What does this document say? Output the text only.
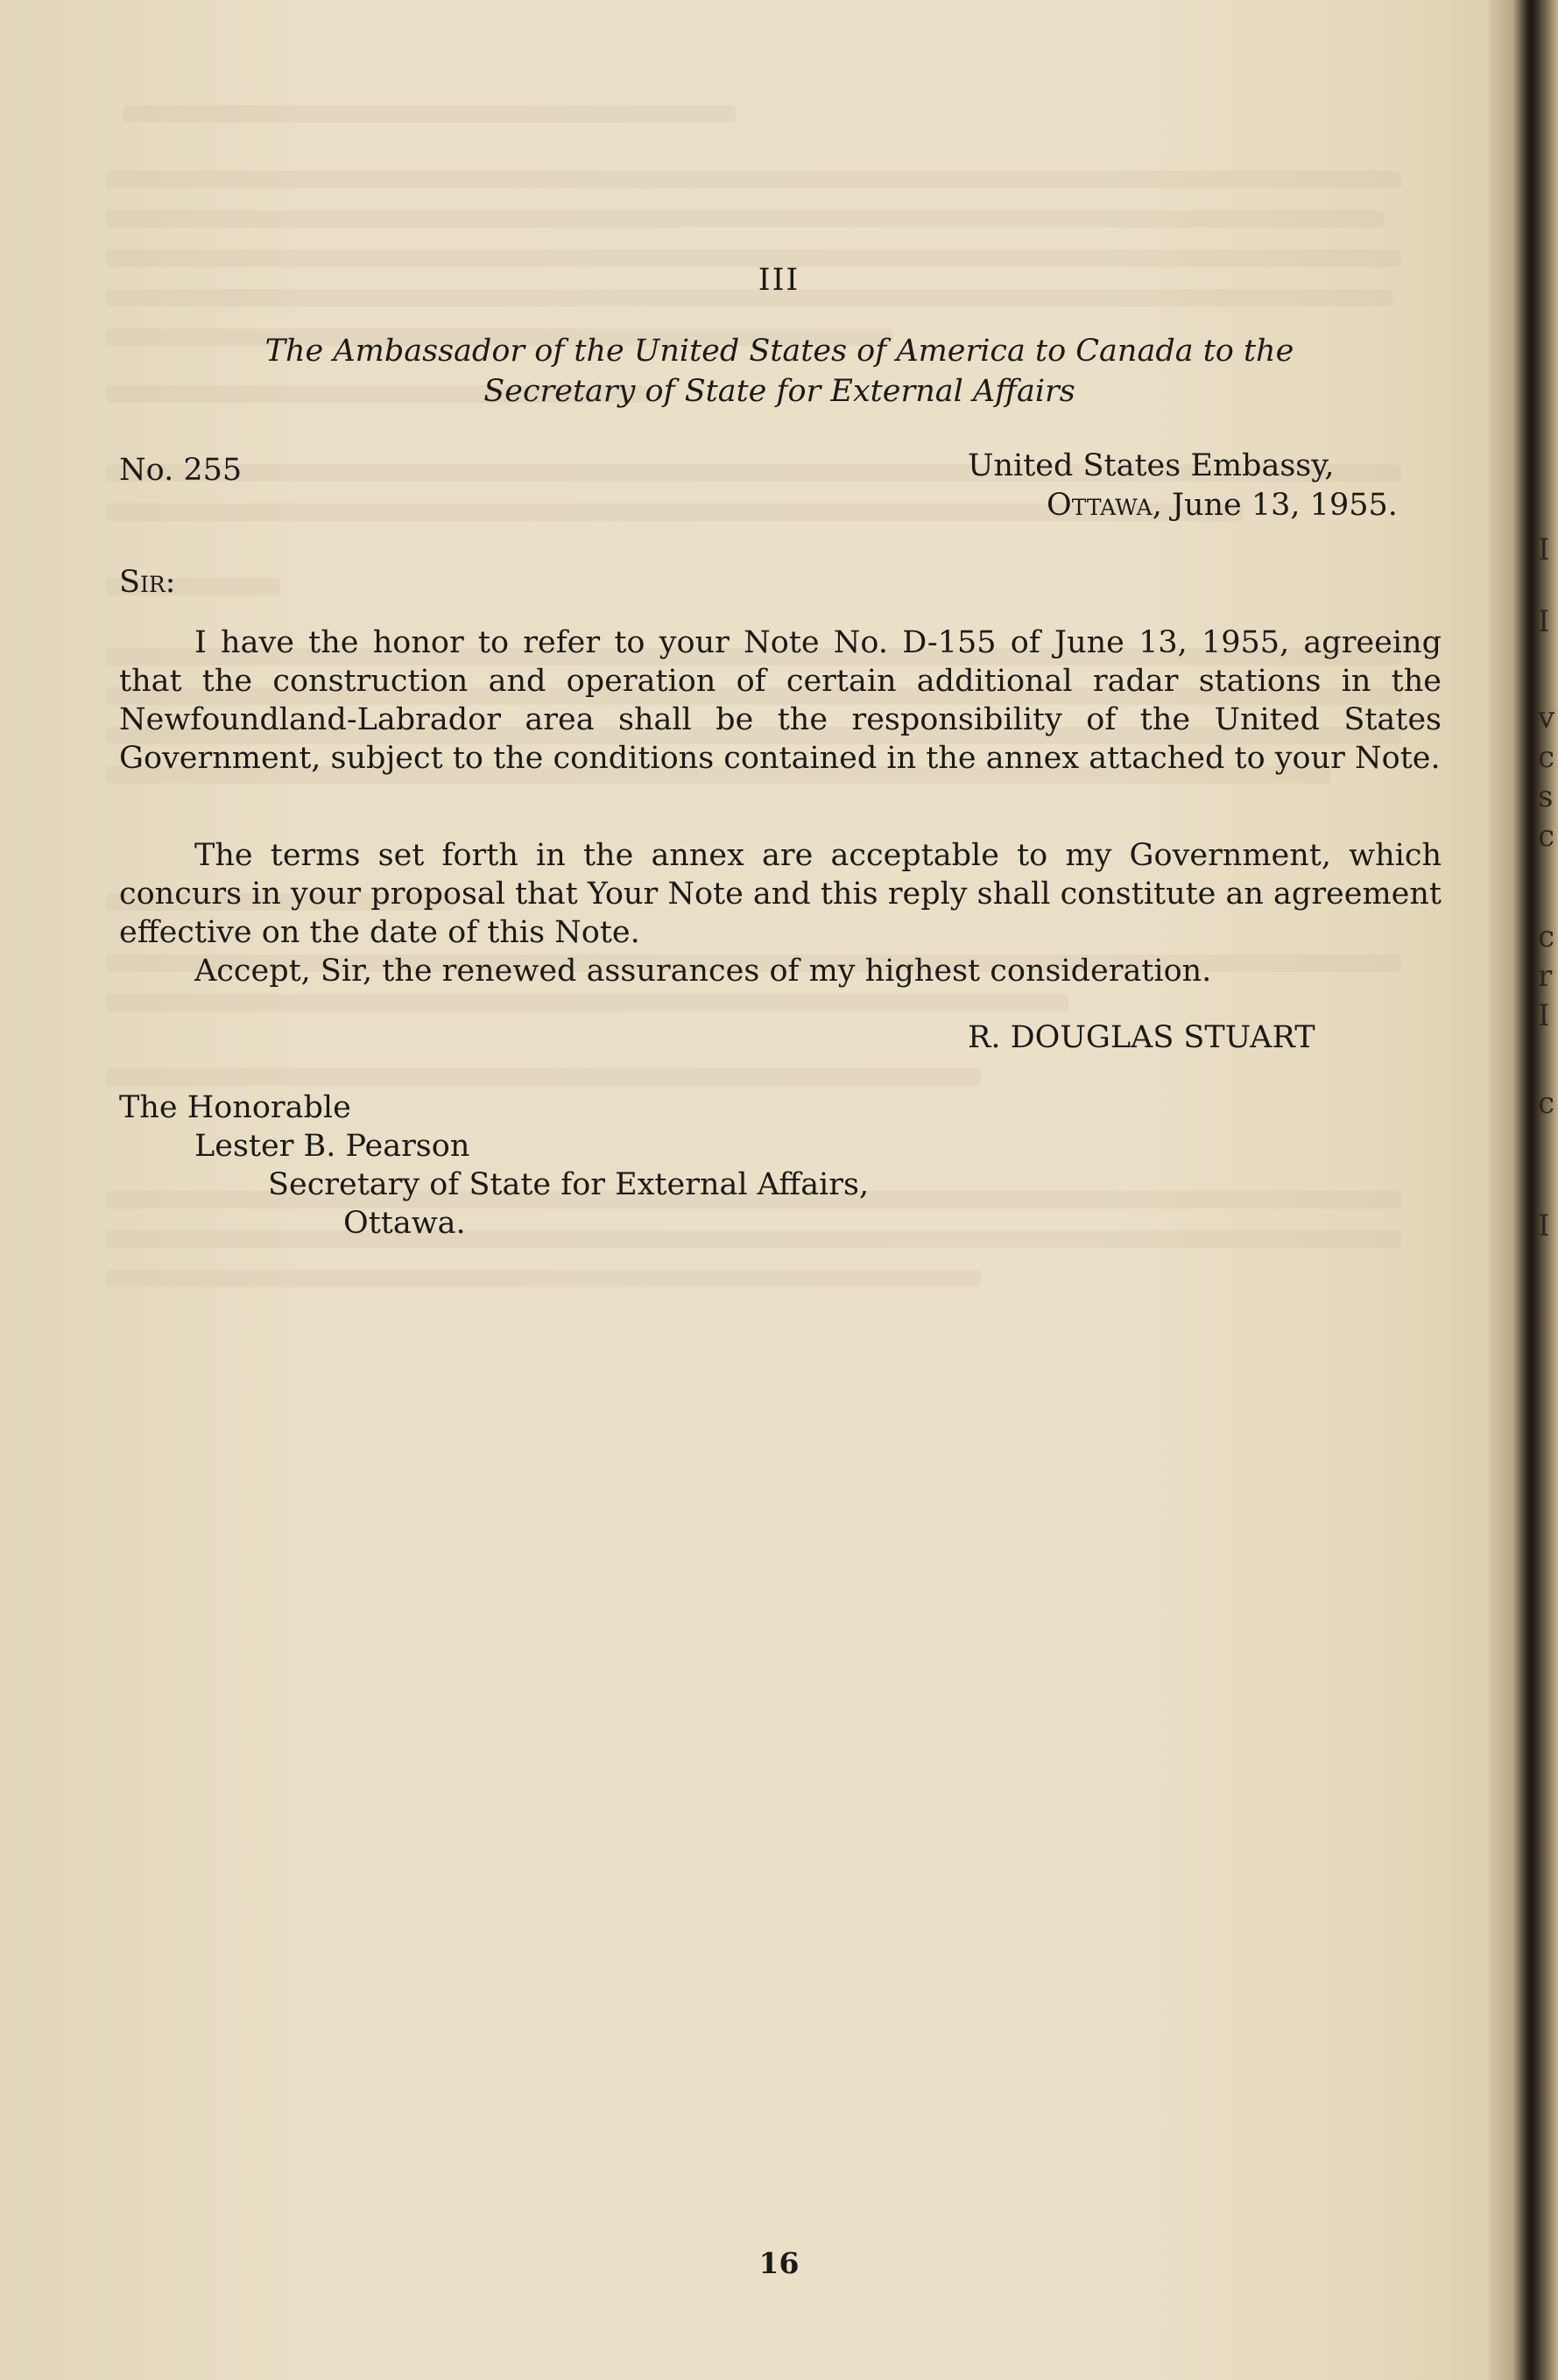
I
I
v
c
s
c
c
r
I
c
I
III
The Ambassador of the United States of America to Canada to the
Secretary of State for External Affairs
No. 255	United States Embassy,
Ottawa, June 13, 1955.
Sir:

I have the honor to refer to your Note No. D-155 of June 13, 1955, agreeing that the construction and operation of certain additional radar stations in the Newfoundland-Labrador area shall be the responsibility of the United States Government, subject to the conditions contained in the annex attached to your Note.

The terms set forth in the annex are acceptable to my Government, which concurs in your proposal that Your Note and this reply shall constitute an agreement effective on the date of this Note.

Accept, Sir, the renewed assurances of my highest consideration.

R. DOUGLAS STUART
The Honorable
Lester B. Pearson
Secretary of State for External Affairs,
Ottawa.
16
